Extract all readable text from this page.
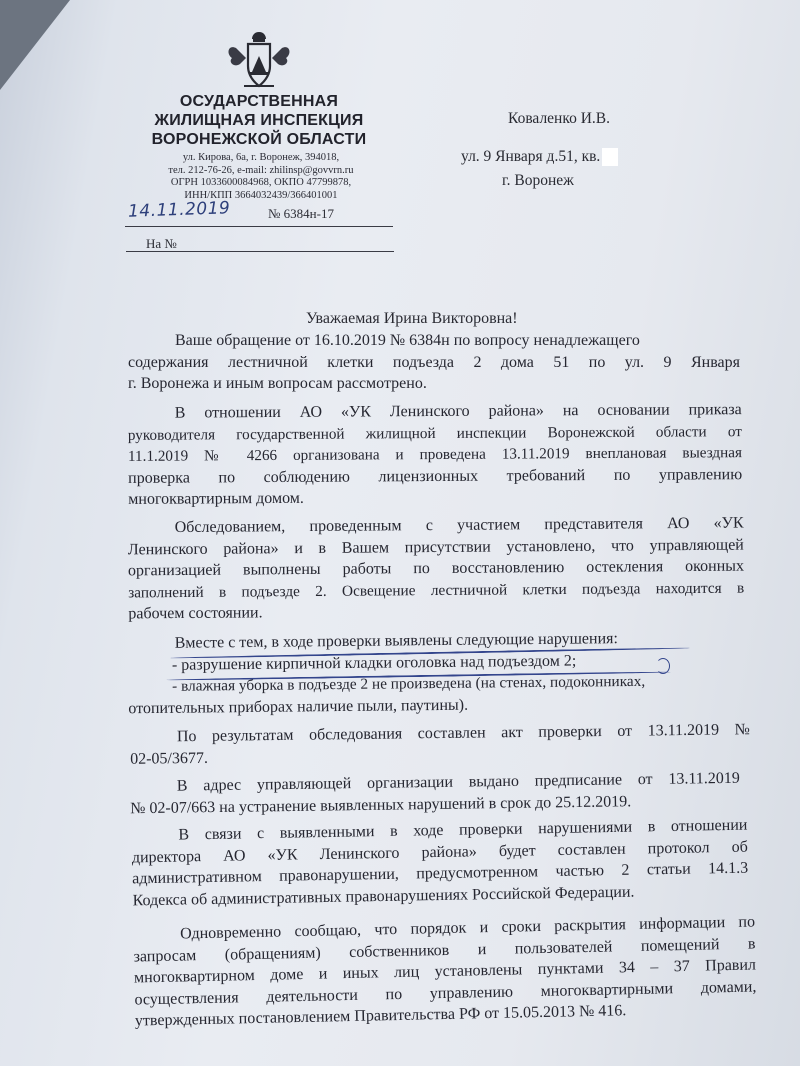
ОСУДАРСТВЕННАЯ
ЖИЛИЩНАЯ ИНСПЕКЦИЯ
ВОРОНЕЖСКОЙ ОБЛАСТИ
ул. Кирова, 6а, г. Воронеж, 394018,
тел. 212-76-26, e-mail: zhilinsp@govvrn.ru
ОГРН 1033600084968, ОКПО 47799878,
ИНН/КПП 3664032439/366401001
14.11.2019	№ 6384н-17
На №
Коваленко И.В.
ул. 9 Января д.51, кв.
г. Воронеж
Уважаемая Ирина Викторовна!
Ваше обращение от 16.10.2019 № 6384н по вопросу ненадлежащего
содержания лестничной клетки подъезда 2 дома 51 по ул. 9 Января
г. Воронежа и иным вопросам рассмотрено.
В отношении АО «УК Ленинского района» на основании приказа
руководителя государственной жилищной инспекции Воронежской области от
11.1.2019 № 4266 организована и проведена 13.11.2019 внеплановая выездная
проверка по соблюдению лицензионных требований по управлению
многоквартирным домом.
Обследованием, проведенным с участием представителя АО «УК
Ленинского района» и в Вашем присутствии установлено, что управляющей
организацией выполнены работы по восстановлению остекления оконных
заполнений в подъезде 2. Освещение лестничной клетки подъезда находится в
рабочем состоянии.
Вместе с тем, в ходе проверки выявлены следующие нарушения:
- разрушение кирпичной кладки оголовка над подъездом 2;
- влажная уборка в подъезде 2 не произведена (на стенах, подоконниках,
отопительных приборах наличие пыли, паутины).
По результатам обследования составлен акт проверки от 13.11.2019 №
02-05/3677.
В адрес управляющей организации выдано предписание от 13.11.2019
№ 02-07/663 на устранение выявленных нарушений в срок до 25.12.2019.
В связи с выявленными в ходе проверки нарушениями в отношении
директора АО «УК Ленинского района» будет составлен протокол об
административном правонарушении, предусмотренном частью 2 статьи 14.1.3
Кодекса об административных правонарушениях Российской Федерации.
Одновременно сообщаю, что порядок и сроки раскрытия информации по
запросам (обращениям) собственников и пользователей помещений в
многоквартирном доме и иных лиц установлены пунктами 34 – 37 Правил
осуществления деятельности по управлению многоквартирными домами,
утвержденных постановлением Правительства РФ от 15.05.2013 № 416.
